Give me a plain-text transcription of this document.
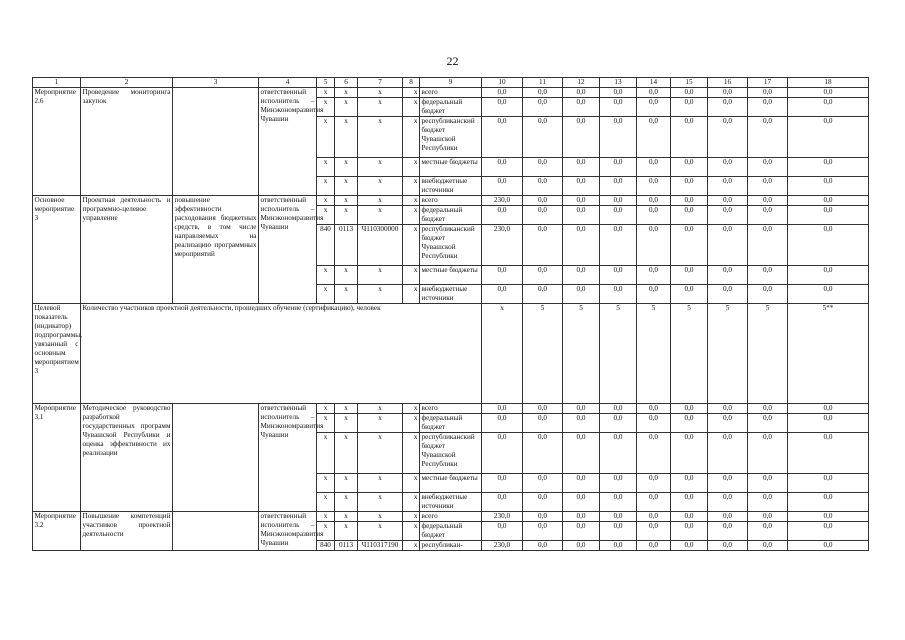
22
1	2	3	4	5	6	7	8	9	10	11	12	13	14	15	16	17	18	
Мероприятие 2.6	Проведение мониторинга закупок		ответственный исполнитель – Минэкономразвития Чувашии	x	x	x	x	всего	0,0	0,0	0,0	0,0	0,0	0,0	0,0	0,0	0,0	
				x	x	x	x	федеральный бюджет	0,0	0,0	0,0	0,0	0,0	0,0	0,0	0,0	0,0	
				x	x	x	x	республиканский бюджет Чувашской Республики	0,0	0,0	0,0	0,0	0,0	0,0	0,0	0,0	0,0	
				x	x	x	x	местные бюджеты	0,0	0,0	0,0	0,0	0,0	0,0	0,0	0,0	0,0	
				x	x	x	x	внебюджетные источники	0,0	0,0	0,0	0,0	0,0	0,0	0,0	0,0	0,0	
Основное мероприятие 3	Проектная деятельность и программно-целевое управление	повышение эффективности расходования бюджетных средств, в том числе направляемых на реализацию программных мероприятий	ответственный исполнитель – Минэкономразвития Чувашии	x	x	x	x	всего	230,0	0,0	0,0	0,0	0,0	0,0	0,0	0,0	0,0	
				x	x	x	x	федеральный бюджет	0,0	0,0	0,0	0,0	0,0	0,0	0,0	0,0	0,0	
				840	0113	Ч110300000	x	республиканский бюджет Чувашской Республики	230,0	0,0	0,0	0,0	0,0	0,0	0,0	0,0	0,0	
				x	x	x	x	местные бюджеты	0,0	0,0	0,0	0,0	0,0	0,0	0,0	0,0	0,0	
				x	x	x	x	внебюджетные источники	0,0	0,0	0,0	0,0	0,0	0,0	0,0	0,0	0,0	
Целевой показатель (индикатор) подпрограммы, увязанный с основным мероприятием 3	Количество участников проектной деятельности, прошедших обучение (сертификацию), человек								x	5	5	5	5	5	5	5	5**	
Мероприятие 3.1	Методическое руководство разработкой государственных программ Чувашской Республики и оценка эффективности их реализации		ответственный исполнитель – Минэкономразвития Чувашии	x	x	x	x	всего	0,0	0,0	0,0	0,0	0,0	0,0	0,0	0,0	0,0	
				x	x	x	x	федеральный бюджет	0,0	0,0	0,0	0,0	0,0	0,0	0,0	0,0	0,0	
				x	x	x	x	республиканский бюджет Чувашской Республики	0,0	0,0	0,0	0,0	0,0	0,0	0,0	0,0	0,0	
				x	x	x	x	местные бюджеты	0,0	0,0	0,0	0,0	0,0	0,0	0,0	0,0	0,0	
				x	x	x	x	внебюджетные источники	0,0	0,0	0,0	0,0	0,0	0,0	0,0	0,0	0,0	
Мероприятие 3.2	Повышение компетенций участников проектной деятельности		ответственный исполнитель – Минэкономразвития Чувашии	x	x	x	x	всего	230,0	0,0	0,0	0,0	0,0	0,0	0,0	0,0	0,0	
				x	x	x	x	федеральный бюджет	0,0	0,0	0,0	0,0	0,0	0,0	0,0	0,0	0,0	
				840	0113	Ч110317190	x	республикан-	230,0	0,0	0,0	0,0	0,0	0,0	0,0	0,0	0,0	
